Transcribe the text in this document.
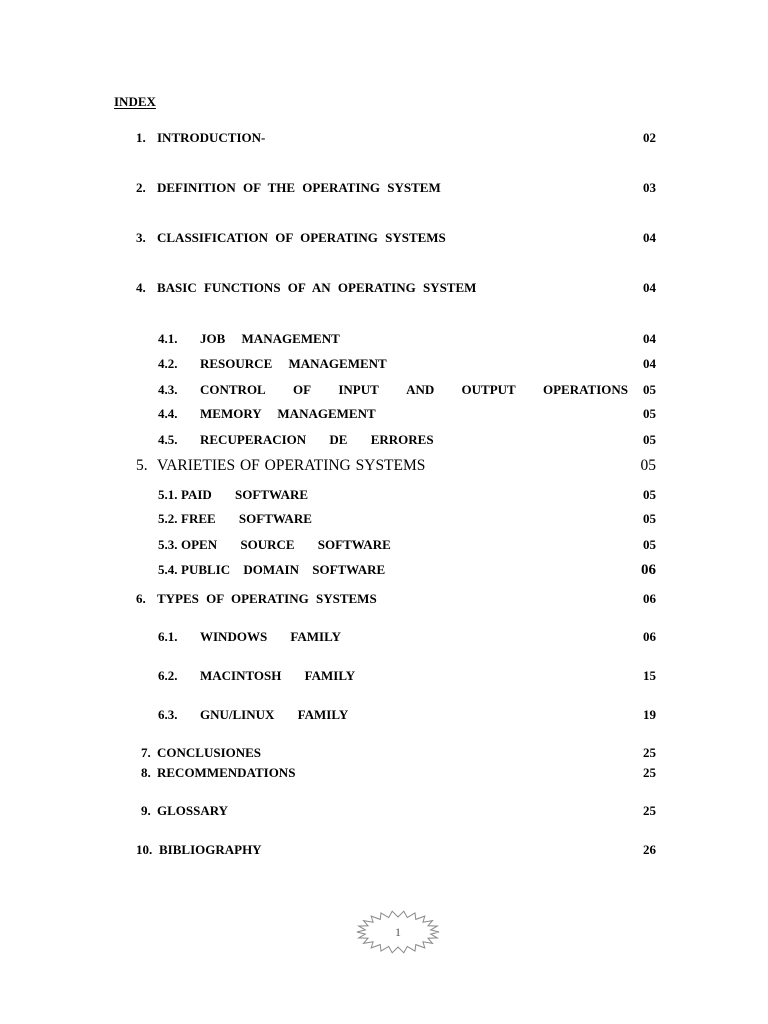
INDEX
1. INTRODUCTION-	02
2. DEFINITION OF THE OPERATING SYSTEM	03
3. CLASSIFICATION OF OPERATING SYSTEMS	04
4. BASIC FUNCTIONS OF AN OPERATING SYSTEM	04
4.1. JOB MANAGEMENT	04
4.2. RESOURCE MANAGEMENT	04
4.3. CONTROL OF INPUT AND OUTPUT OPERATIONS	05
4.4. MEMORY MANAGEMENT	05
4.5. RECUPERACION DE ERRORES	05
5. VARIETIES OF OPERATING SYSTEMS	05
5.1. PAID SOFTWARE	05
5.2. FREE SOFTWARE	05
5.3. OPEN SOURCE SOFTWARE	05
5.4. PUBLIC DOMAIN SOFTWARE	06
6. TYPES OF OPERATING SYSTEMS	06
6.1. WINDOWS FAMILY	06
6.2. MACINTOSH FAMILY	15
6.3. GNU/LINUX FAMILY	19
7. CONCLUSIONES	25
8. RECOMMENDATIONS	25
9. GLOSSARY	25
10. BIBLIOGRAPHY	26
1
